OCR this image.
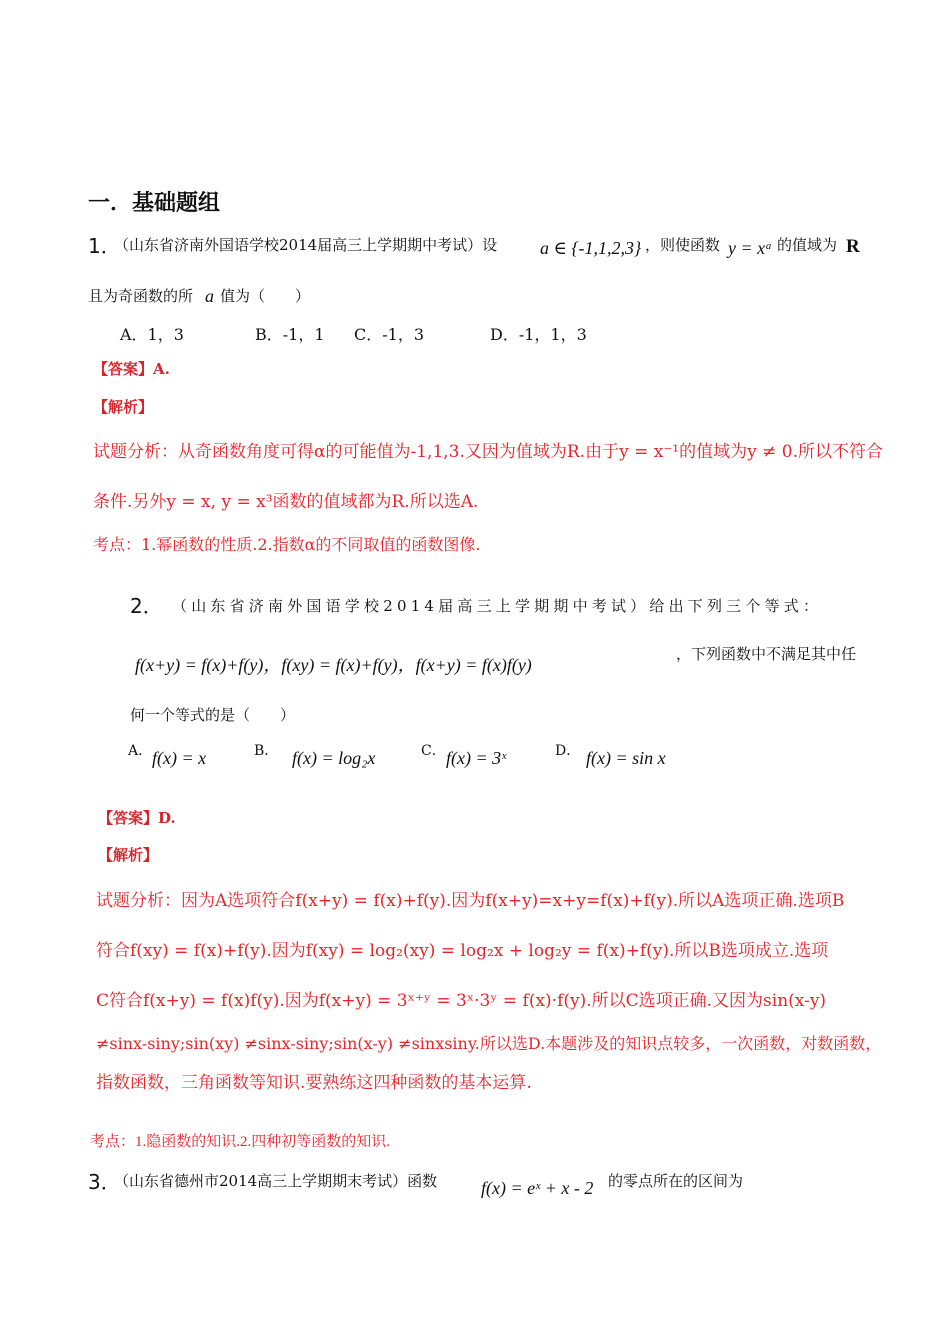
一．基础题组
1．
（山东省济南外国语学校2014届高三上学期期中考试）设 a ∈ {-1,1,2,3} ，则使函数 y = xᵃ 的值域为 R
且为奇函数的所 a 值为（　　）
A．1，3	B．-1，1 C．-1，3	D．-1，1，3
【答案】A.
【解析】
试题分析：从奇函数角度可得α的可能值为-1,1,3.又因为值域为R.由于y = x⁻¹的值域为y ≠ 0.所以不符合
条件.另外y = x, y = x³函数的值域都为R.所以选A.
考点：1.幂函数的性质.2.指数α的不同取值的函数图像.
2． （山东省济南外国语学校2014届高三上学期期中考试）给出下列三个等式：
f(x+y) = f(x)+f(y)，f(xy) = f(x)+f(y)，f(x+y) = f(x)f(y)
，下列函数中不满足其中任
何一个等式的是（　　）
A． f(x) = x	B． f(x) = log₂x	C． f(x) = 3ˣ	D． f(x) = sin x
【答案】D.
【解析】
试题分析：因为A选项符合f(x+y) = f(x)+f(y).因为f(x+y)=x+y=f(x)+f(y).所以A选项正确.选项B
符合f(xy) = f(x)+f(y).因为f(xy) = log₂(xy) = log₂x + log₂y = f(x)+f(y).所以B选项成立.选项
C符合f(x+y) = f(x)f(y).因为f(x+y) = 3ˣ⁺ʸ = 3ˣ·3ʸ = f(x)·f(y).所以C选项正确.又因为sin(x-y)
≠sinx-siny;sin(xy) ≠sinx-siny;sin(x-y) ≠sinxsiny.所以选D.本题涉及的知识点较多，一次函数，对数函数，
指数函数，三角函数等知识.要熟练这四种函数的基本运算.
考点：1.隐函数的知识.2.四种初等函数的知识.
3．
（山东省德州市2014高三上学期期末考试）函数 f(x) = eˣ + x - 2 的零点所在的区间为
